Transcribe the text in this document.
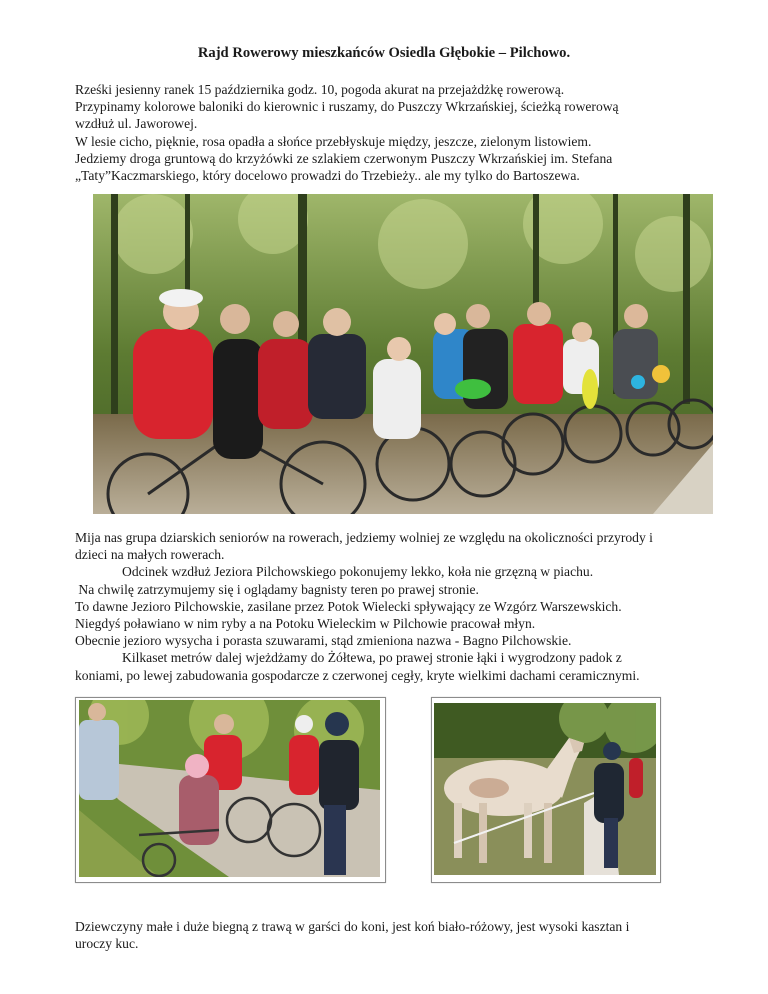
Rajd Rowerowy mieszkańców Osiedla Głębokie – Pilchowo.

Rześki jesienny ranek 15 października godz. 10, pogoda akurat na przejażdżkę rowerową.
Przypinamy kolorowe baloniki do kierownic i ruszamy, do Puszczy Wkrzańskiej, ścieżką rowerową
wzdłuż ul. Jaworowej.
W lesie cicho, pięknie, rosa opadła a słońce przebłyskuje między, jeszcze, zielonym listowiem.
Jedziemy droga gruntową do krzyżówki ze szlakiem czerwonym Puszczy Wkrzańskiej im. Stefana
„Taty”Kaczmarskiego, który docelowo prowadzi do Trzebieży.. ale my tylko do Bartoszewa.

Mija nas grupa dziarskich seniorów na rowerach, jedziemy wolniej ze względu na okoliczności przyrody i
dzieci na małych rowerach.
Odcinek wzdłuż Jeziora Pilchowskiego pokonujemy lekko, koła nie grzęzną w piachu.
Na chwilę zatrzymujemy się i oglądamy bagnisty teren po prawej stronie.
To dawne Jezioro Pilchowskie, zasilane przez Potok Wielecki spływający ze Wzgórz Warszewskich.
Niegdyś poławiano w nim ryby a na Potoku Wieleckim w Pilchowie pracował młyn.
Obecnie jezioro wysycha i porasta szuwarami, stąd zmieniona nazwa - Bagno Pilchowskie.
Kilkaset metrów dalej wjeżdżamy do Żółtewa, po prawej stronie łąki i wygrodzony padok z
koniami, po lewej zabudowania gospodarcze z czerwonej cegły, kryte wielkimi dachami ceramicznymi.

Dziewczyny małe i duże biegną z trawą w garści do koni, jest koń biało-różowy, jest wysoki kasztan i
uroczy kuc.
